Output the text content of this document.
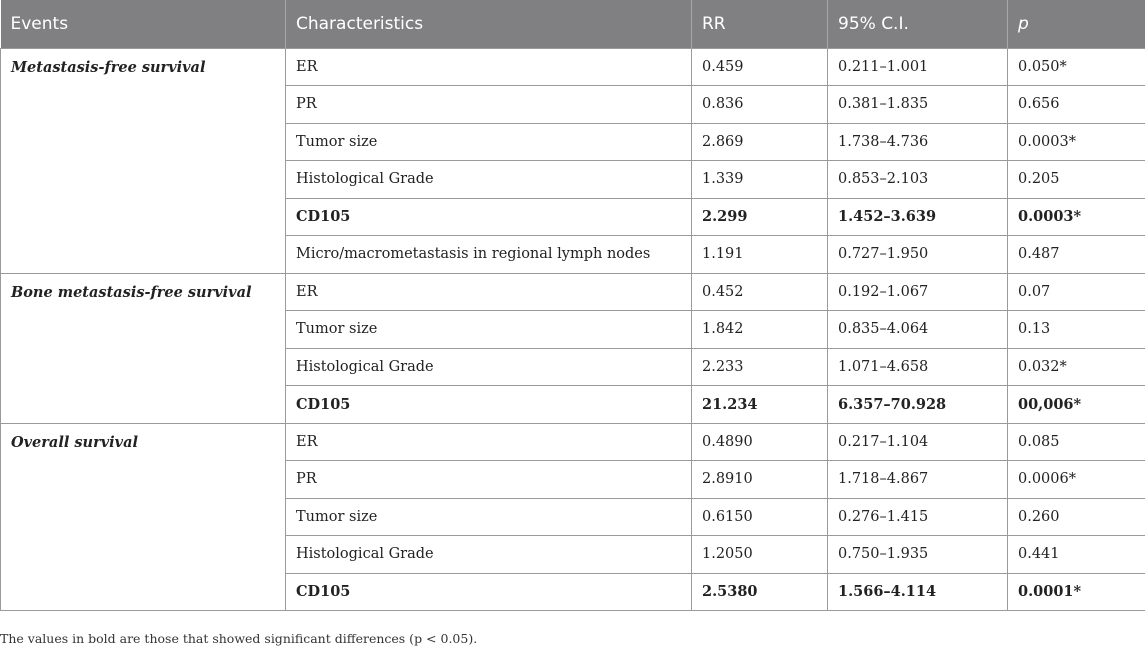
Events	Characteristics	RR	95% C.I.	p
Metastasis-free survival	ER	0.459	0.211–1.001	0.050*
	PR	0.836	0.381–1.835	0.656
	Tumor size	2.869	1.738–4.736	0.0003*
	Histological Grade	1.339	0.853–2.103	0.205
	CD105	2.299	1.452–3.639	0.0003*
	Micro/macrometastasis in regional lymph nodes	1.191	0.727–1.950	0.487
Bone metastasis-free survival	ER	0.452	0.192–1.067	0.07
	Tumor size	1.842	0.835–4.064	0.13
	Histological Grade	2.233	1.071–4.658	0.032*
	CD105	21.234	6.357–70.928	00,006*
Overall survival	ER	0.4890	0.217–1.104	0.085
	PR	2.8910	1.718–4.867	0.0006*
	Tumor size	0.6150	0.276–1.415	0.260
	Histological Grade	1.2050	0.750–1.935	0.441
	CD105	2.5380	1.566–4.114	0.0001*
The values in bold are those that showed significant differences (p < 0.05).
